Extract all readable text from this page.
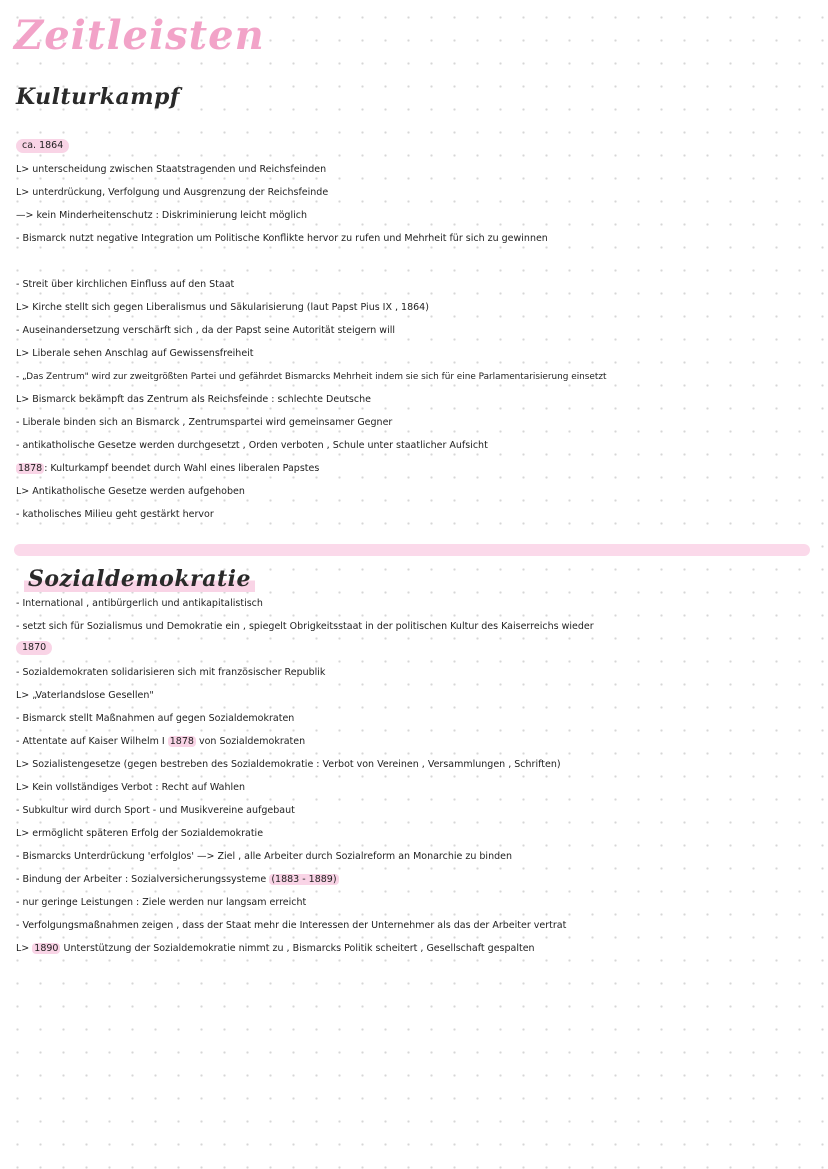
Zeitleisten
Kulturkampf
ca. 1864
L> unterscheidung zwischen Staatstragenden und Reichsfeinden
L> unterdrückung, Verfolgung und Ausgrenzung der Reichsfeinde
—> kein Minderheitenschutz : Diskriminierung leicht möglich
- Bismarck nutzt negative Integration um Politische Konflikte hervor zu rufen und Mehrheit für sich zu gewinnen
- Streit über kirchlichen Einfluss auf den Staat
L> Kirche stellt sich gegen Liberalismus und Säkularisierung (laut Papst Pius IX , 1864)
- Auseinandersetzung verschärft sich , da der Papst seine Autorität steigern will
L> Liberale sehen Anschlag auf Gewissensfreiheit
- „Das Zentrum" wird zur zweitgrößten Partei und gefährdet Bismarcks Mehrheit indem sie sich für eine Parlamentarisierung einsetzt
L> Bismarck bekämpft das Zentrum als Reichsfeinde : schlechte Deutsche
- Liberale binden sich an Bismarck , Zentrumspartei wird gemeinsamer Gegner
- antikatholische Gesetze werden durchgesetzt , Orden verboten , Schule unter staatlicher Aufsicht
1878 : Kulturkampf beendet durch Wahl eines liberalen Papstes
L> Antikatholische Gesetze werden aufgehoben
- katholisches Milieu geht gestärkt hervor
Sozialdemokratie
- International , antibürgerlich und antikapitalistisch
- setzt sich für Sozialismus und Demokratie ein , spiegelt Obrigkeitsstaat in der politischen Kultur des Kaiserreichs wieder
1870
- Sozialdemokraten solidarisieren sich mit französischer Republik
L> „Vaterlandslose Gesellen"
- Bismarck stellt Maßnahmen auf gegen Sozialdemokraten
- Attentate auf Kaiser Wilhelm I 1878 von Sozialdemokraten
L> Sozialistengesetze (gegen bestreben des Sozialdemokratie : Verbot von Vereinen , Versammlungen , Schriften)
L> Kein vollständiges Verbot : Recht auf Wahlen
- Subkultur wird durch Sport - und Musikvereine aufgebaut
L> ermöglicht späteren Erfolg der Sozialdemokratie
- Bismarcks Unterdrückung 'erfolglos' —> Ziel , alle Arbeiter durch Sozialreform an Monarchie zu binden
- Bindung der Arbeiter : Sozialversicherungssysteme (1883 - 1889)
- nur geringe Leistungen : Ziele werden nur langsam erreicht
- Verfolgungsmaßnahmen zeigen , dass der Staat mehr die Interessen der Unternehmer als das der Arbeiter vertrat
L> 1890 Unterstützung der Sozialdemokratie nimmt zu , Bismarcks Politik scheitert , Gesellschaft gespalten
